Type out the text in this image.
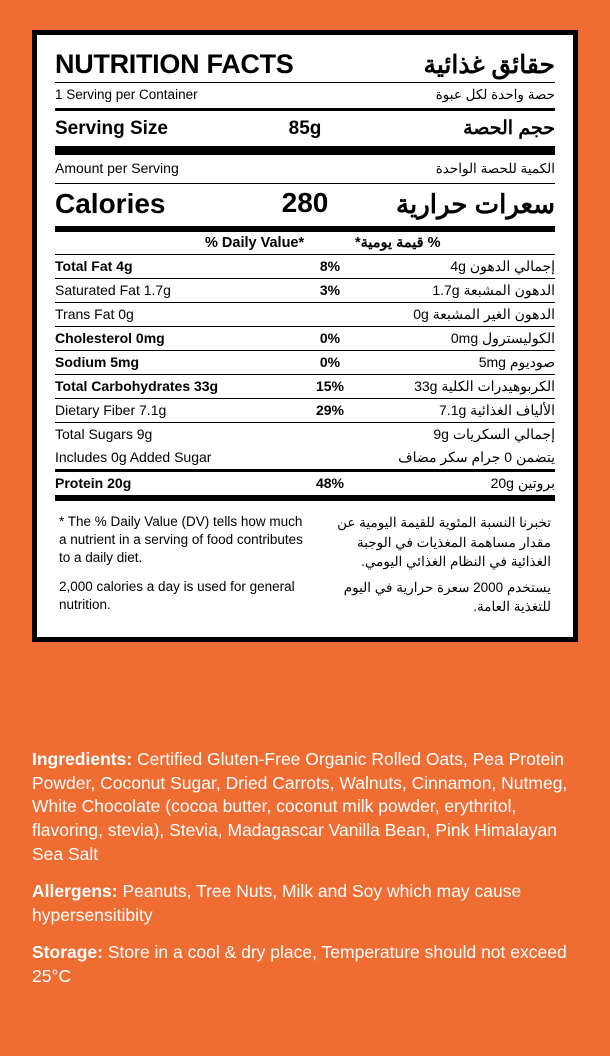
NUTRITION FACTS	حقائق غذائية
1 Serving per Container	حصة واحدة لكل عبوة
Serving Size	85g	حجم الحصة
Amount per Serving	الكمية للحصة الواحدة
Calories	280	سعرات حرارية
% Daily Value*	% قيمة يومية*
Total Fat 4g	8%	إجمالي الدهون 4g
Saturated Fat 1.7g	3%	الدهون المشبعة 1.7g
Trans Fat 0g		الدهون الغير المشبعة 0g
Cholesterol 0mg	0%	الكوليسترول 0mg
Sodium 5mg	0%	صوديوم 5mg
Total Carbohydrates 33g	15%	الكربوهيدرات الكلية 33g
Dietary Fiber 7.1g	29%	الألياف الغذائية 7.1g
Total Sugars 9g		إجمالي السكريات 9g
Includes 0g Added Sugar		يتضمن 0 جرام سكر مضاف
Protein 20g	48%	بروتين 20g
* The % Daily Value (DV) tells how much a nutrient in a serving of food contributes to a daily diet.
تخبرنا النسبة المئوية للقيمة اليومية عن مقدار مساهمة المغذيات في الوجبة الغذائية في النظام الغذائي اليومي.
2,000 calories a day is used for general nutrition.
يستخدم 2000 سعرة حرارية في اليوم للتغذية العامة.

Ingredients: Certified Gluten-Free Organic Rolled Oats, Pea Protein Powder, Coconut Sugar, Dried Carrots, Walnuts, Cinnamon, Nutmeg, White Chocolate (cocoa butter, coconut milk powder, erythritol, flavoring, stevia), Stevia, Madagascar Vanilla Bean, Pink Himalayan Sea Salt

Allergens: Peanuts, Tree Nuts, Milk and Soy which may cause hypersensitibity

Storage: Store in a cool & dry place, Temperature should not exceed 25°C
